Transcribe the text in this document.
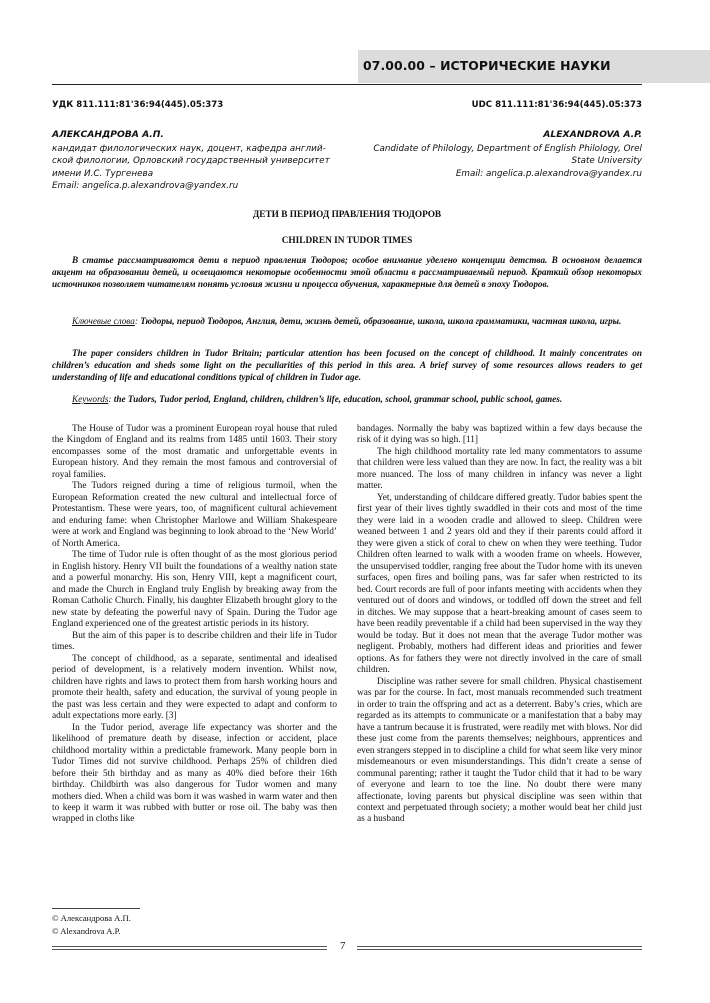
07.00.00 – ИСТОРИЧЕСКИЕ НАУКИ
УДК 811.111:81'36:94(445).05:373	UDC 811.111:81'36:94(445).05:373
АЛЕКСАНДРОВА А.П.
кандидат филологических наук, доцент, кафедра англий-
ской филологии, Орловский государственный университет
имени И.С. Тургенева
Email: angelica.p.alexandrova@yandex.ru
ALEXANDROVA A.P.
Candidate of Philology, Department of English Philology, Orel
State University
Email: angelica.p.alexandrova@yandex.ru

ДЕТИ В ПЕРИОД ПРАВЛЕНИЯ ТЮДОРОВ

CHILDREN IN TUDOR TIMES

В статье рассматриваются дети в период правления Тюдоров; особое внимание уделено концепции детства. В основном делается акцент на образовании детей, и освещаются некоторые особенности этой области в рассматриваемый период. Краткий обзор некоторых источников позволяет читателям понять условия жизни и процесса обучения, характерные для детей в эпоху Тюдоров.

Ключевые слова: Тюдоры, период Тюдоров, Англия, дети, жизнь детей, образование, школа, школа грамматики, частная школа, игры.

The paper considers children in Tudor Britain; particular attention has been focused on the concept of childhood. It mainly concentrates on children’s education and sheds some light on the peculiarities of this period in this area. A brief survey of some resources allows readers to get understanding of life and educational conditions typical of children in Tudor age.

Keywords: the Tudors, Tudor period, England, children, children’s life, education, school, grammar school, public school, games.

The House of Tudor was a prominent European royal house that ruled the Kingdom of England and its realms from 1485 until 1603. Their story encompasses some of the most dramatic and unforgettable events in European history. And they remain the most famous and controversial of royal families.

The Tudors reigned during a time of religious turmoil, when the European Reformation created the new cultural and intellectual force of Protestantism. These were years, too, of magnificent cultural achievement and enduring fame: when Christopher Marlowe and William Shakespeare were at work and England was beginning to look abroad to the ‘New World’ of North America.

The time of Tudor rule is often thought of as the most glorious period in English history. Henry VII built the foundations of a wealthy nation state and a powerful monarchy. His son, Henry VIII, kept a magnificent court, and made the Church in England truly English by breaking away from the Roman Catholic Church. Finally, his daughter Elizabeth brought glory to the new state by defeating the powerful navy of Spain. During the Tudor age England experienced one of the greatest artistic periods in its history.

But the aim of this paper is to describe children and their life in Tudor times.

The concept of childhood, as a separate, sentimental and idealised period of development, is a relatively modern invention. Whilst now, children have rights and laws to protect them from harsh working hours and promote their health, safety and education, the survival of young people in the past was less certain and they were expected to adapt and conform to adult expectations more early. [3]

In the Tudor period, average life expectancy was shorter and the likelihood of premature death by disease, infection or accident, place childhood mortality within a predictable framework. Many people born in Tudor Times did not survive childhood. Perhaps 25% of children died before their 5th birthday and as many as 40% died before their 16th birthday. Childbirth was also dangerous for Tudor women and many mothers died. When a child was born it was washed in warm water and then to keep it warm it was rubbed with butter or rose oil. The baby was then wrapped in cloths like

bandages. Normally the baby was baptized within a few days because the risk of it dying was so high. [11]

The high childhood mortality rate led many commentators to assume that children were less valued than they are now. In fact, the reality was a bit more nuanced. The loss of many children in infancy was never a light matter.

Yet, understanding of childcare differed greatly. Tudor babies spent the first year of their lives tightly swaddled in their cots and most of the time they were laid in a wooden cradle and allowed to sleep. Children were weaned between 1 and 2 years old and they if their parents could afford it they were given a stick of coral to chew on when they were teething. Tudor Children often learned to walk with a wooden frame on wheels. However, the unsupervised toddler, ranging free about the Tudor home with its uneven surfaces, open fires and boiling pans, was far safer when restricted to its bed. Court records are full of poor infants meeting with accidents when they ventured out of doors and windows, or toddled off down the street and fell in ditches. We may suppose that a heart-breaking amount of cases seem to have been readily preventable if a child had been supervised in the way they would be today. But it does not mean that the average Tudor mother was negligent. Probably, mothers had different ideas and priorities and fewer options. As for fathers they were not directly involved in the care of small children.

Discipline was rather severe for small children. Physical chastisement was par for the course. In fact, most manuals recommended such treatment in order to train the offspring and act as a deterrent. Baby’s cries, which are regarded as its attempts to communicate or a manifestation that a baby may have a tantrum because it is frustrated, were readily met with blows. Nor did these just come from the parents themselves; neighbours, apprentices and even strangers stepped in to discipline a child for what seem like very minor misdemeanours or even misunderstandings. This didn’t create a sense of communal parenting; rather it taught the Tudor child that it had to be wary of everyone and learn to toe the line. No doubt there were many affectionate, loving parents but physical discipline was seen within that context and perpetuated through society; a mother would beat her child just as a husband

© Александрова А.П.
© Alexandrova A.P.
7
